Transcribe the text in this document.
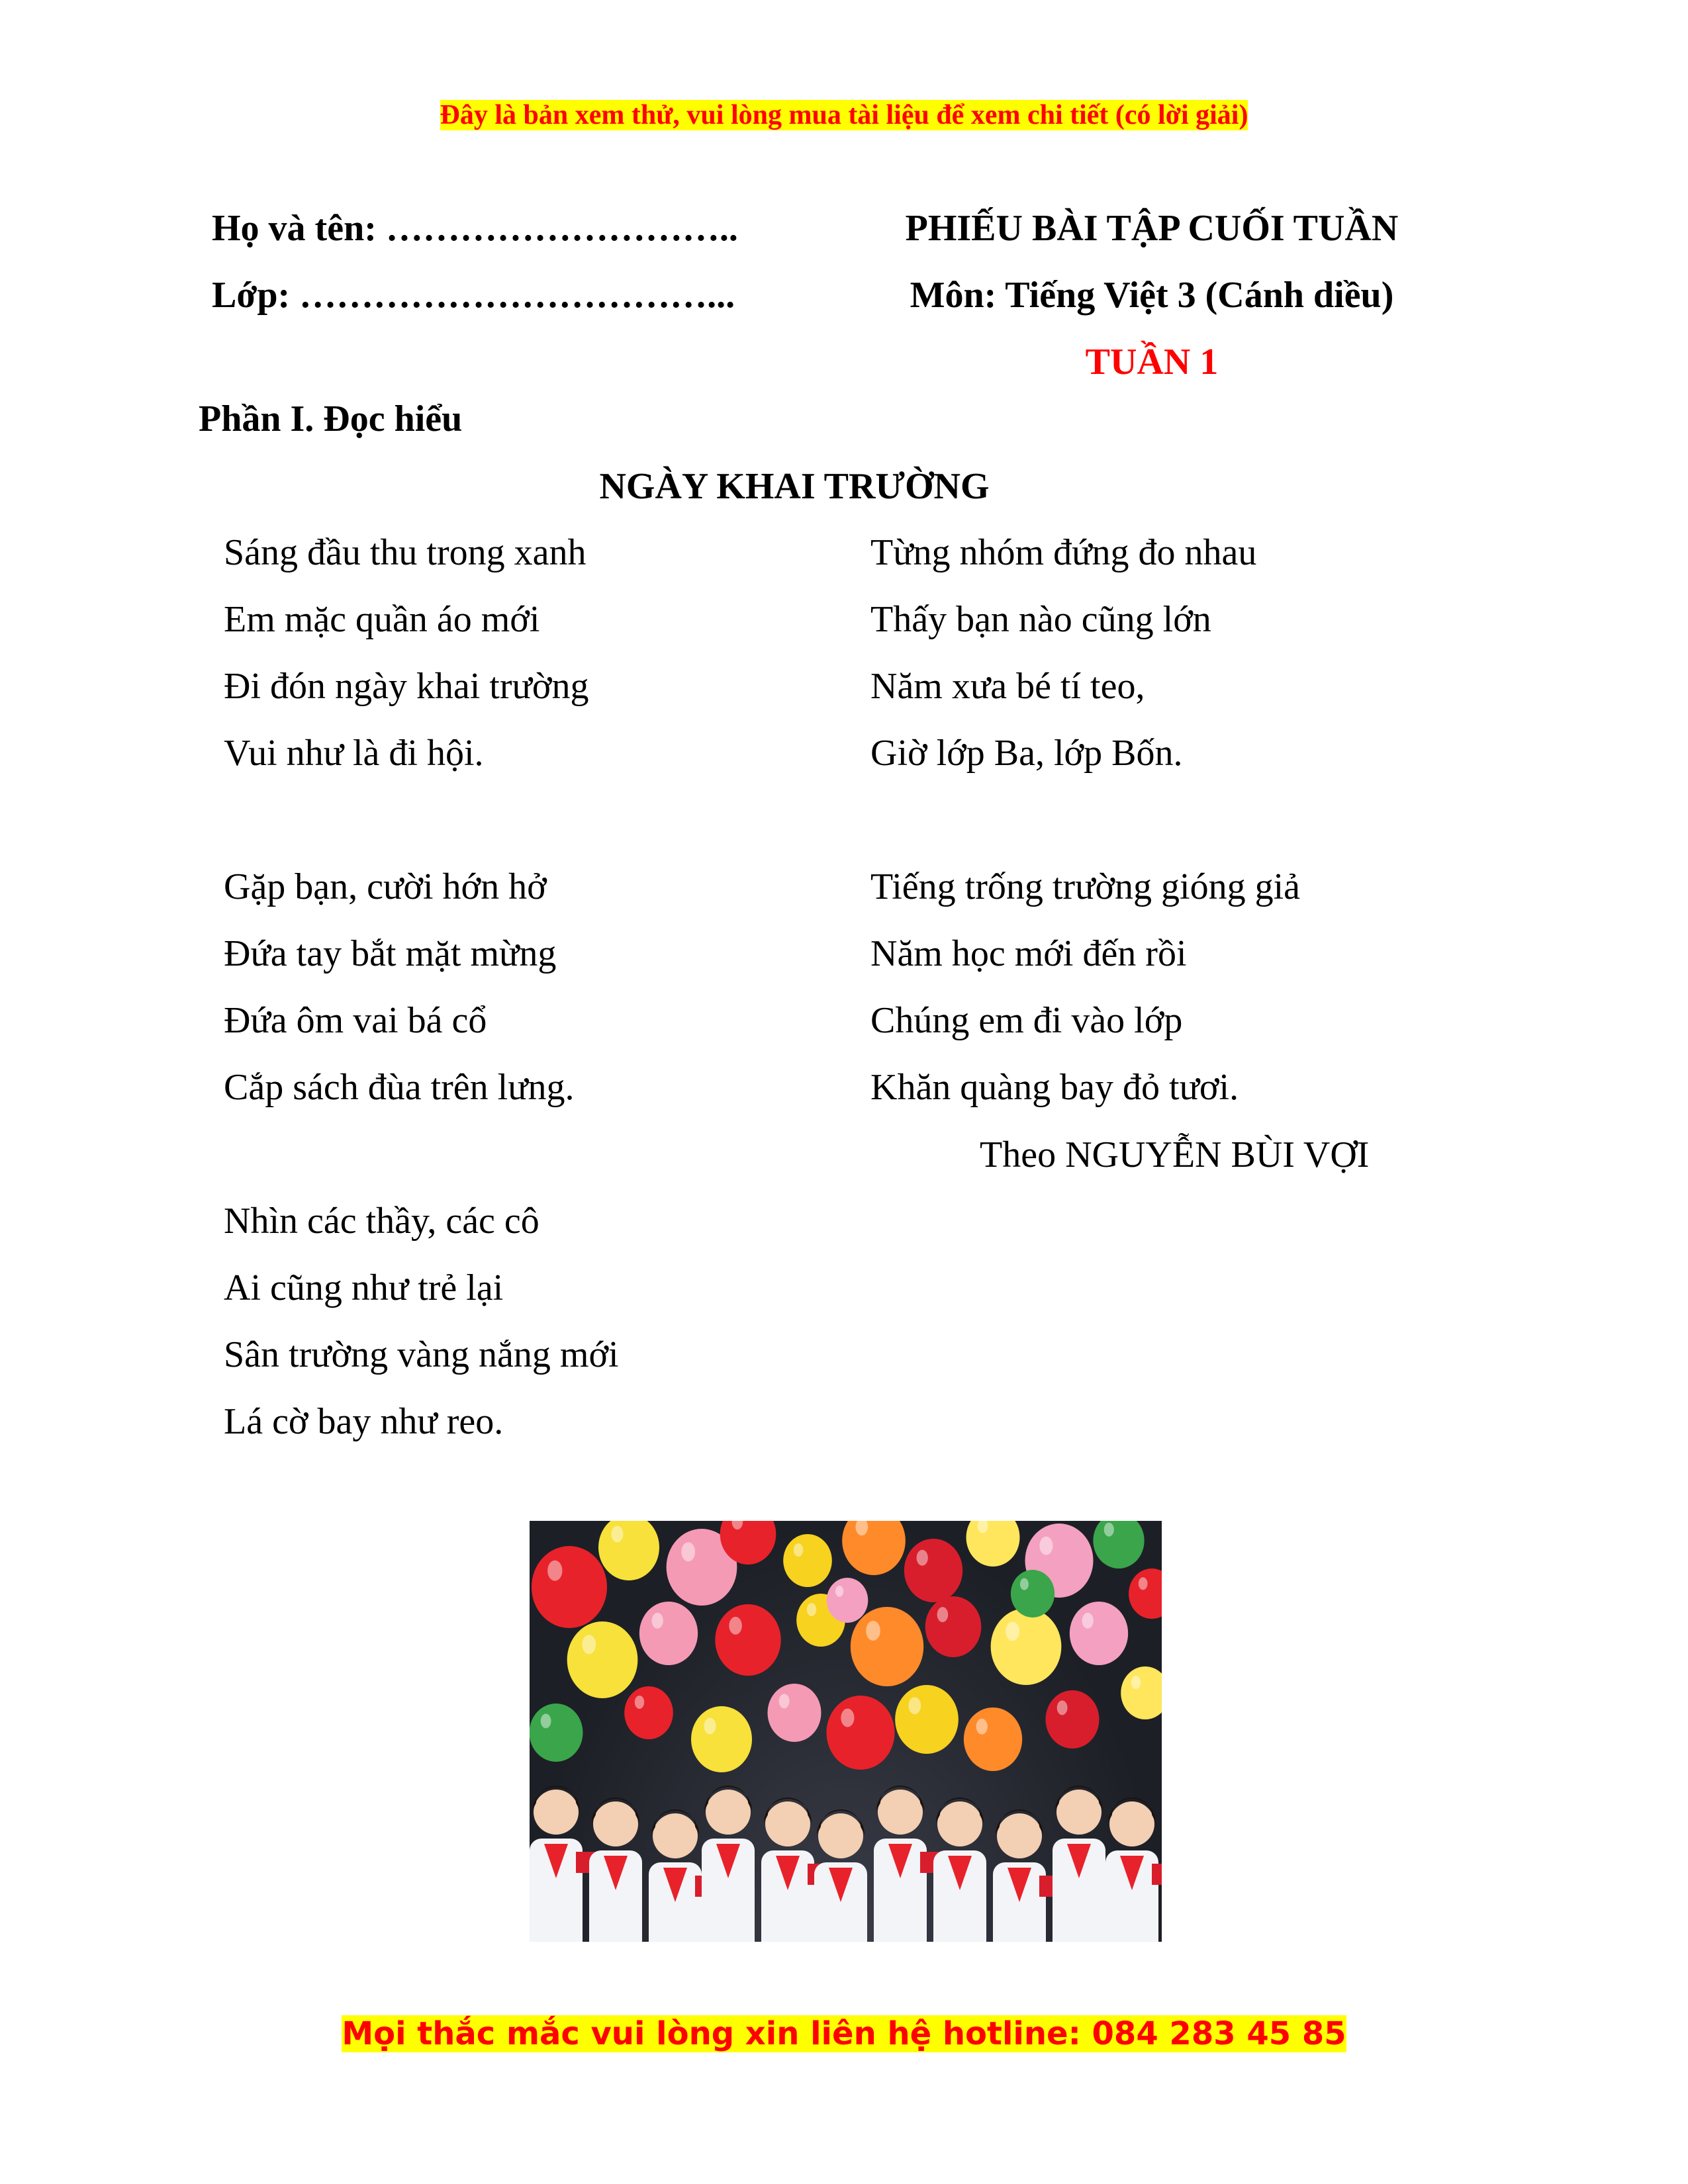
Đây là bản xem thử, vui lòng mua tài liệu để xem chi tiết (có lời giải)
Họ và tên: ………………………..
Lớp: ……………………………...
PHIẾU BÀI TẬP CUỐI TUẦN
Môn: Tiếng Việt 3 (Cánh diều)
TUẦN 1
Phần I. Đọc hiểu
NGÀY KHAI TRƯỜNG
Sáng đầu thu trong xanh
Em mặc quần áo mới
Đi đón ngày khai trường
Vui như là đi hội.
Gặp bạn, cười hớn hở
Đứa tay bắt mặt mừng
Đứa ôm vai bá cổ
Cắp sách đùa trên lưng.
Nhìn các thầy, các cô
Ai cũng như trẻ lại
Sân trường vàng nắng mới
Lá cờ bay như reo.
Từng nhóm đứng đo nhau
Thấy bạn nào cũng lớn
Năm xưa bé tí teo,
Giờ lớp Ba, lớp Bốn.
Tiếng trống trường gióng giả
Năm học mới đến rồi
Chúng em đi vào lớp
Khăn quàng bay đỏ tươi.
Theo NGUYỄN BÙI VỢI
Mọi thắc mắc vui lòng xin liên hệ hotline: 084 283 45 85
